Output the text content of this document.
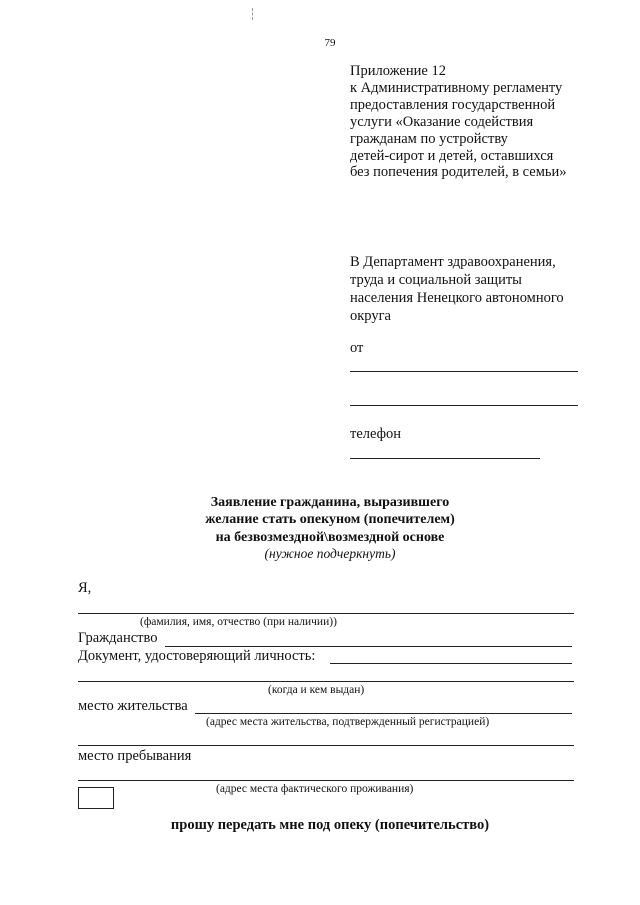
79
Приложение 12
к Административному регламенту
предоставления государственной
услуги «Оказание содействия
гражданам по устройству
детей-сирот и детей, оставшихся
без попечения родителей, в семьи»
В Департамент здравоохранения,
труда и социальной защиты
населения Ненецкого автономного
округа
от
телефон
Заявление гражданина, выразившего
желание стать опекуном (попечителем)
на безвозмездной\возмездной основе
(нужное подчеркнуть)
Я,
(фамилия, имя, отчество (при наличии))
Гражданство
Документ, удостоверяющий личность:
(когда и кем выдан)
место жительства
(адрес места жительства, подтвержденный регистрацией)
место пребывания
(адрес места фактического проживания)
прошу передать мне под опеку (попечительство)
